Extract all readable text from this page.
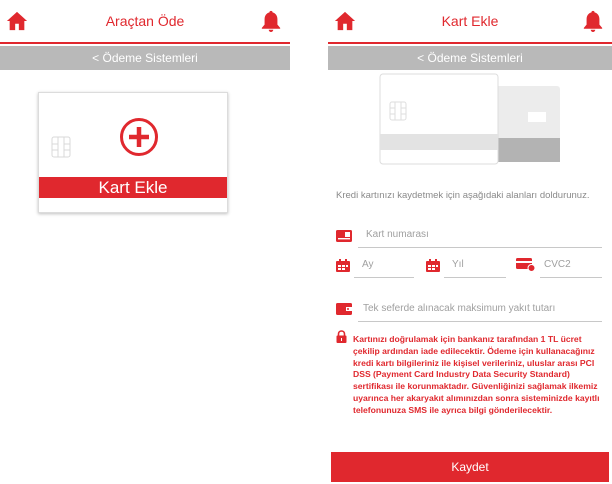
Araçtan Öde
< Ödeme Sistemleri
Kart Ekle
Kart Ekle
< Ödeme Sistemleri
Kredi kartınızı kaydetmek için aşağıdaki alanları doldurunuz.
Kart numarası
Ay	Yıl	CVC2
Tek seferde alınacak maksimum yakıt tutarı
Kartınızı doğrulamak için bankanız tarafından 1 TL ücret çekilip ardından iade edilecektir. Ödeme için kullanacağınız kredi kartı bilgileriniz ile kişisel verileriniz, uluslar arası PCI DSS (Payment Card Industry Data Security Standard) sertifikası ile korunmaktadır. Güvenliğinizi sağlamak ilkemiz uyarınca her akaryakıt alımınızdan sonra sisteminizde kayıtlı telefonunuza SMS ile ayrıca bilgi gönderilecektir.
Kaydet
